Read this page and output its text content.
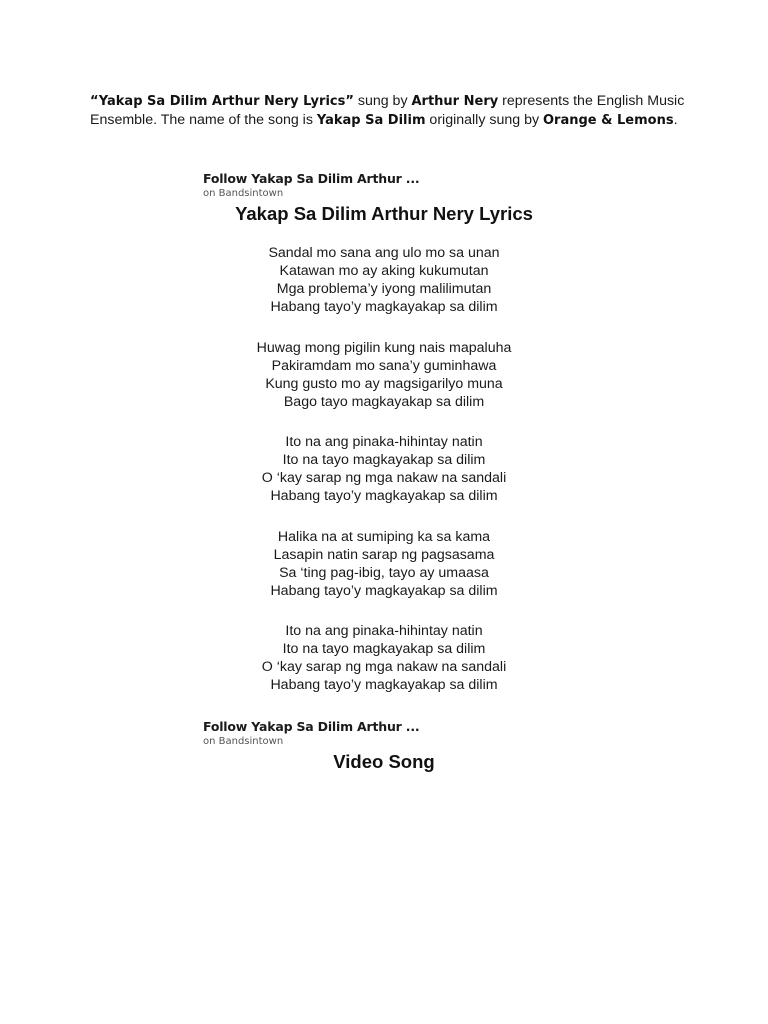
“Yakap Sa Dilim Arthur Nery Lyrics” sung by Arthur Nery represents the English Music Ensemble. The name of the song is Yakap Sa Dilim originally sung by Orange & Lemons.
Follow Yakap Sa Dilim Arthur ...
on Bandsintown
Yakap Sa Dilim Arthur Nery Lyrics
Sandal mo sana ang ulo mo sa unan
Katawan mo ay aking kukumutan
Mga problema’y iyong malilimutan
Habang tayo’y magkayakap sa dilim
Huwag mong pigilin kung nais mapaluha
Pakiramdam mo sana’y guminhawa
Kung gusto mo ay magsigarilyo muna
Bago tayo magkayakap sa dilim
Ito na ang pinaka-hihintay natin
Ito na tayo magkayakap sa dilim
O ‘kay sarap ng mga nakaw na sandali
Habang tayo’y magkayakap sa dilim
Halika na at sumiping ka sa kama
Lasapin natin sarap ng pagsasama
Sa ‘ting pag-ibig, tayo ay umaasa
Habang tayo’y magkayakap sa dilim
Ito na ang pinaka-hihintay natin
Ito na tayo magkayakap sa dilim
O ‘kay sarap ng mga nakaw na sandali
Habang tayo’y magkayakap sa dilim
Follow Yakap Sa Dilim Arthur ...
on Bandsintown
Video Song
